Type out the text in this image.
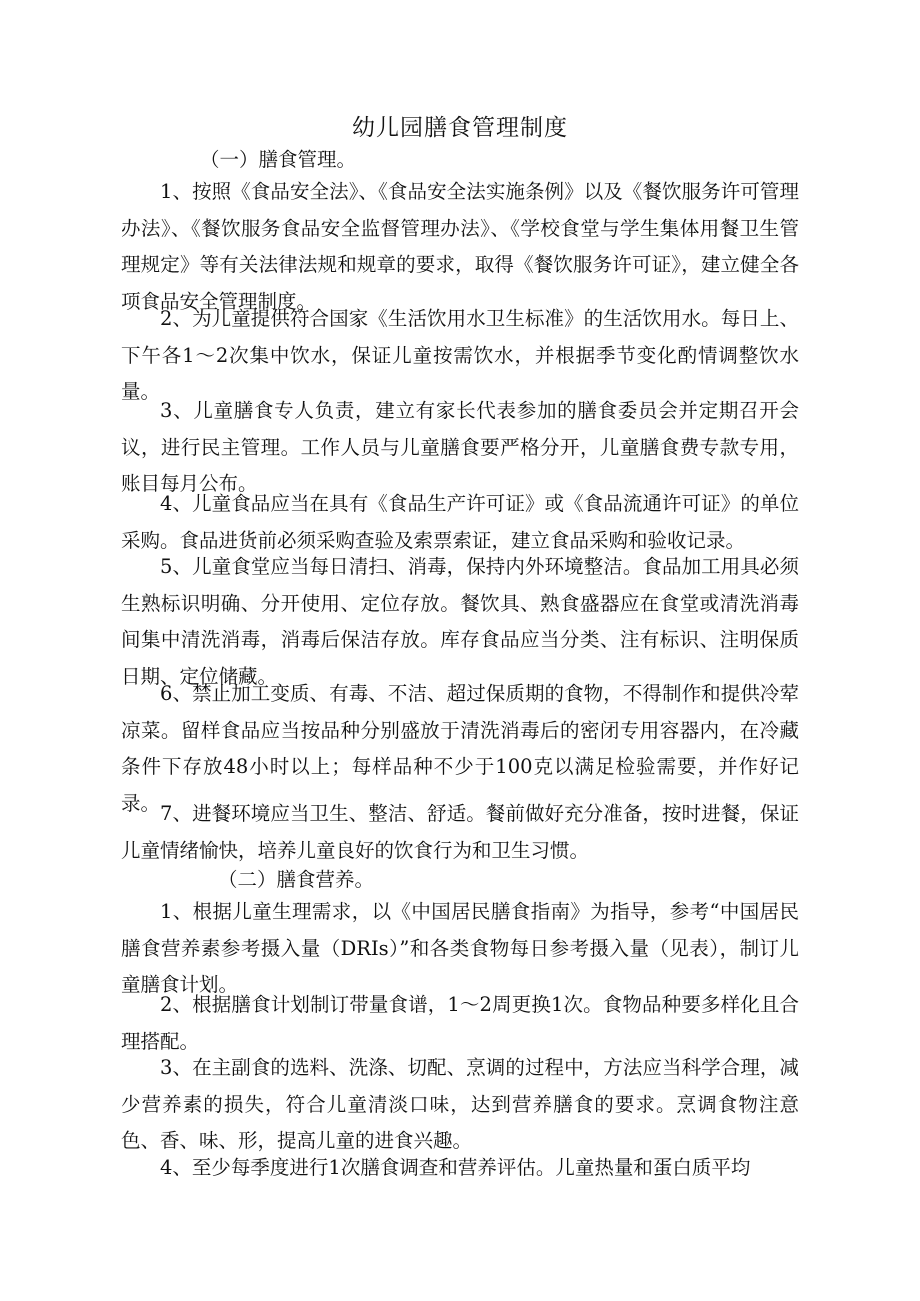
幼儿园膳食管理制度
（一）膳食管理。

1、按照《食品安全法》、《食品安全法实施条例》以及《餐饮服务许可管理办法》、《餐饮服务食品安全监督管理办法》、《学校食堂与学生集体用餐卫生管理规定》等有关法律法规和规章的要求，取得《餐饮服务许可证》，建立健全各项食品安全管理制度。

2、为儿童提供符合国家《生活饮用水卫生标准》的生活饮用水。每日上、下午各1～2次集中饮水，保证儿童按需饮水，并根据季节变化酌情调整饮水量。

3、儿童膳食专人负责，建立有家长代表参加的膳食委员会并定期召开会议，进行民主管理。工作人员与儿童膳食要严格分开，儿童膳食费专款专用，账目每月公布。

4、儿童食品应当在具有《食品生产许可证》或《食品流通许可证》的单位采购。食品进货前必须采购查验及索票索证，建立食品采购和验收记录。

5、儿童食堂应当每日清扫、消毒，保持内外环境整洁。食品加工用具必须生熟标识明确、分开使用、定位存放。餐饮具、熟食盛器应在食堂或清洗消毒间集中清洗消毒，消毒后保洁存放。库存食品应当分类、注有标识、注明保质日期、定位储藏。

6、禁止加工变质、有毒、不洁、超过保质期的食物，不得制作和提供冷荤凉菜。留样食品应当按品种分别盛放于清洗消毒后的密闭专用容器内，在冷藏条件下存放48小时以上；每样品种不少于100克以满足检验需要，并作好记录。 7、进餐环境应当卫生、整洁、舒适。餐前做好充分准备，按时进餐，保证儿童情绪愉快，培养儿童良好的饮食行为和卫生习惯。

（二）膳食营养。

1、根据儿童生理需求，以《中国居民膳食指南》为指导，参考“中国居民膳食营养素参考摄入量（DRIs）”和各类食物每日参考摄入量（见表），制订儿童膳食计划。

2、根据膳食计划制订带量食谱，1～2周更换1次。食物品种要多样化且合理搭配。

3、在主副食的选料、洗涤、切配、烹调的过程中，方法应当科学合理，减少营养素的损失，符合儿童清淡口味，达到营养膳食的要求。烹调食物注意色、香、味、形，提高儿童的进食兴趣。

4、至少每季度进行1次膳食调查和营养评估。儿童热量和蛋白质平均
